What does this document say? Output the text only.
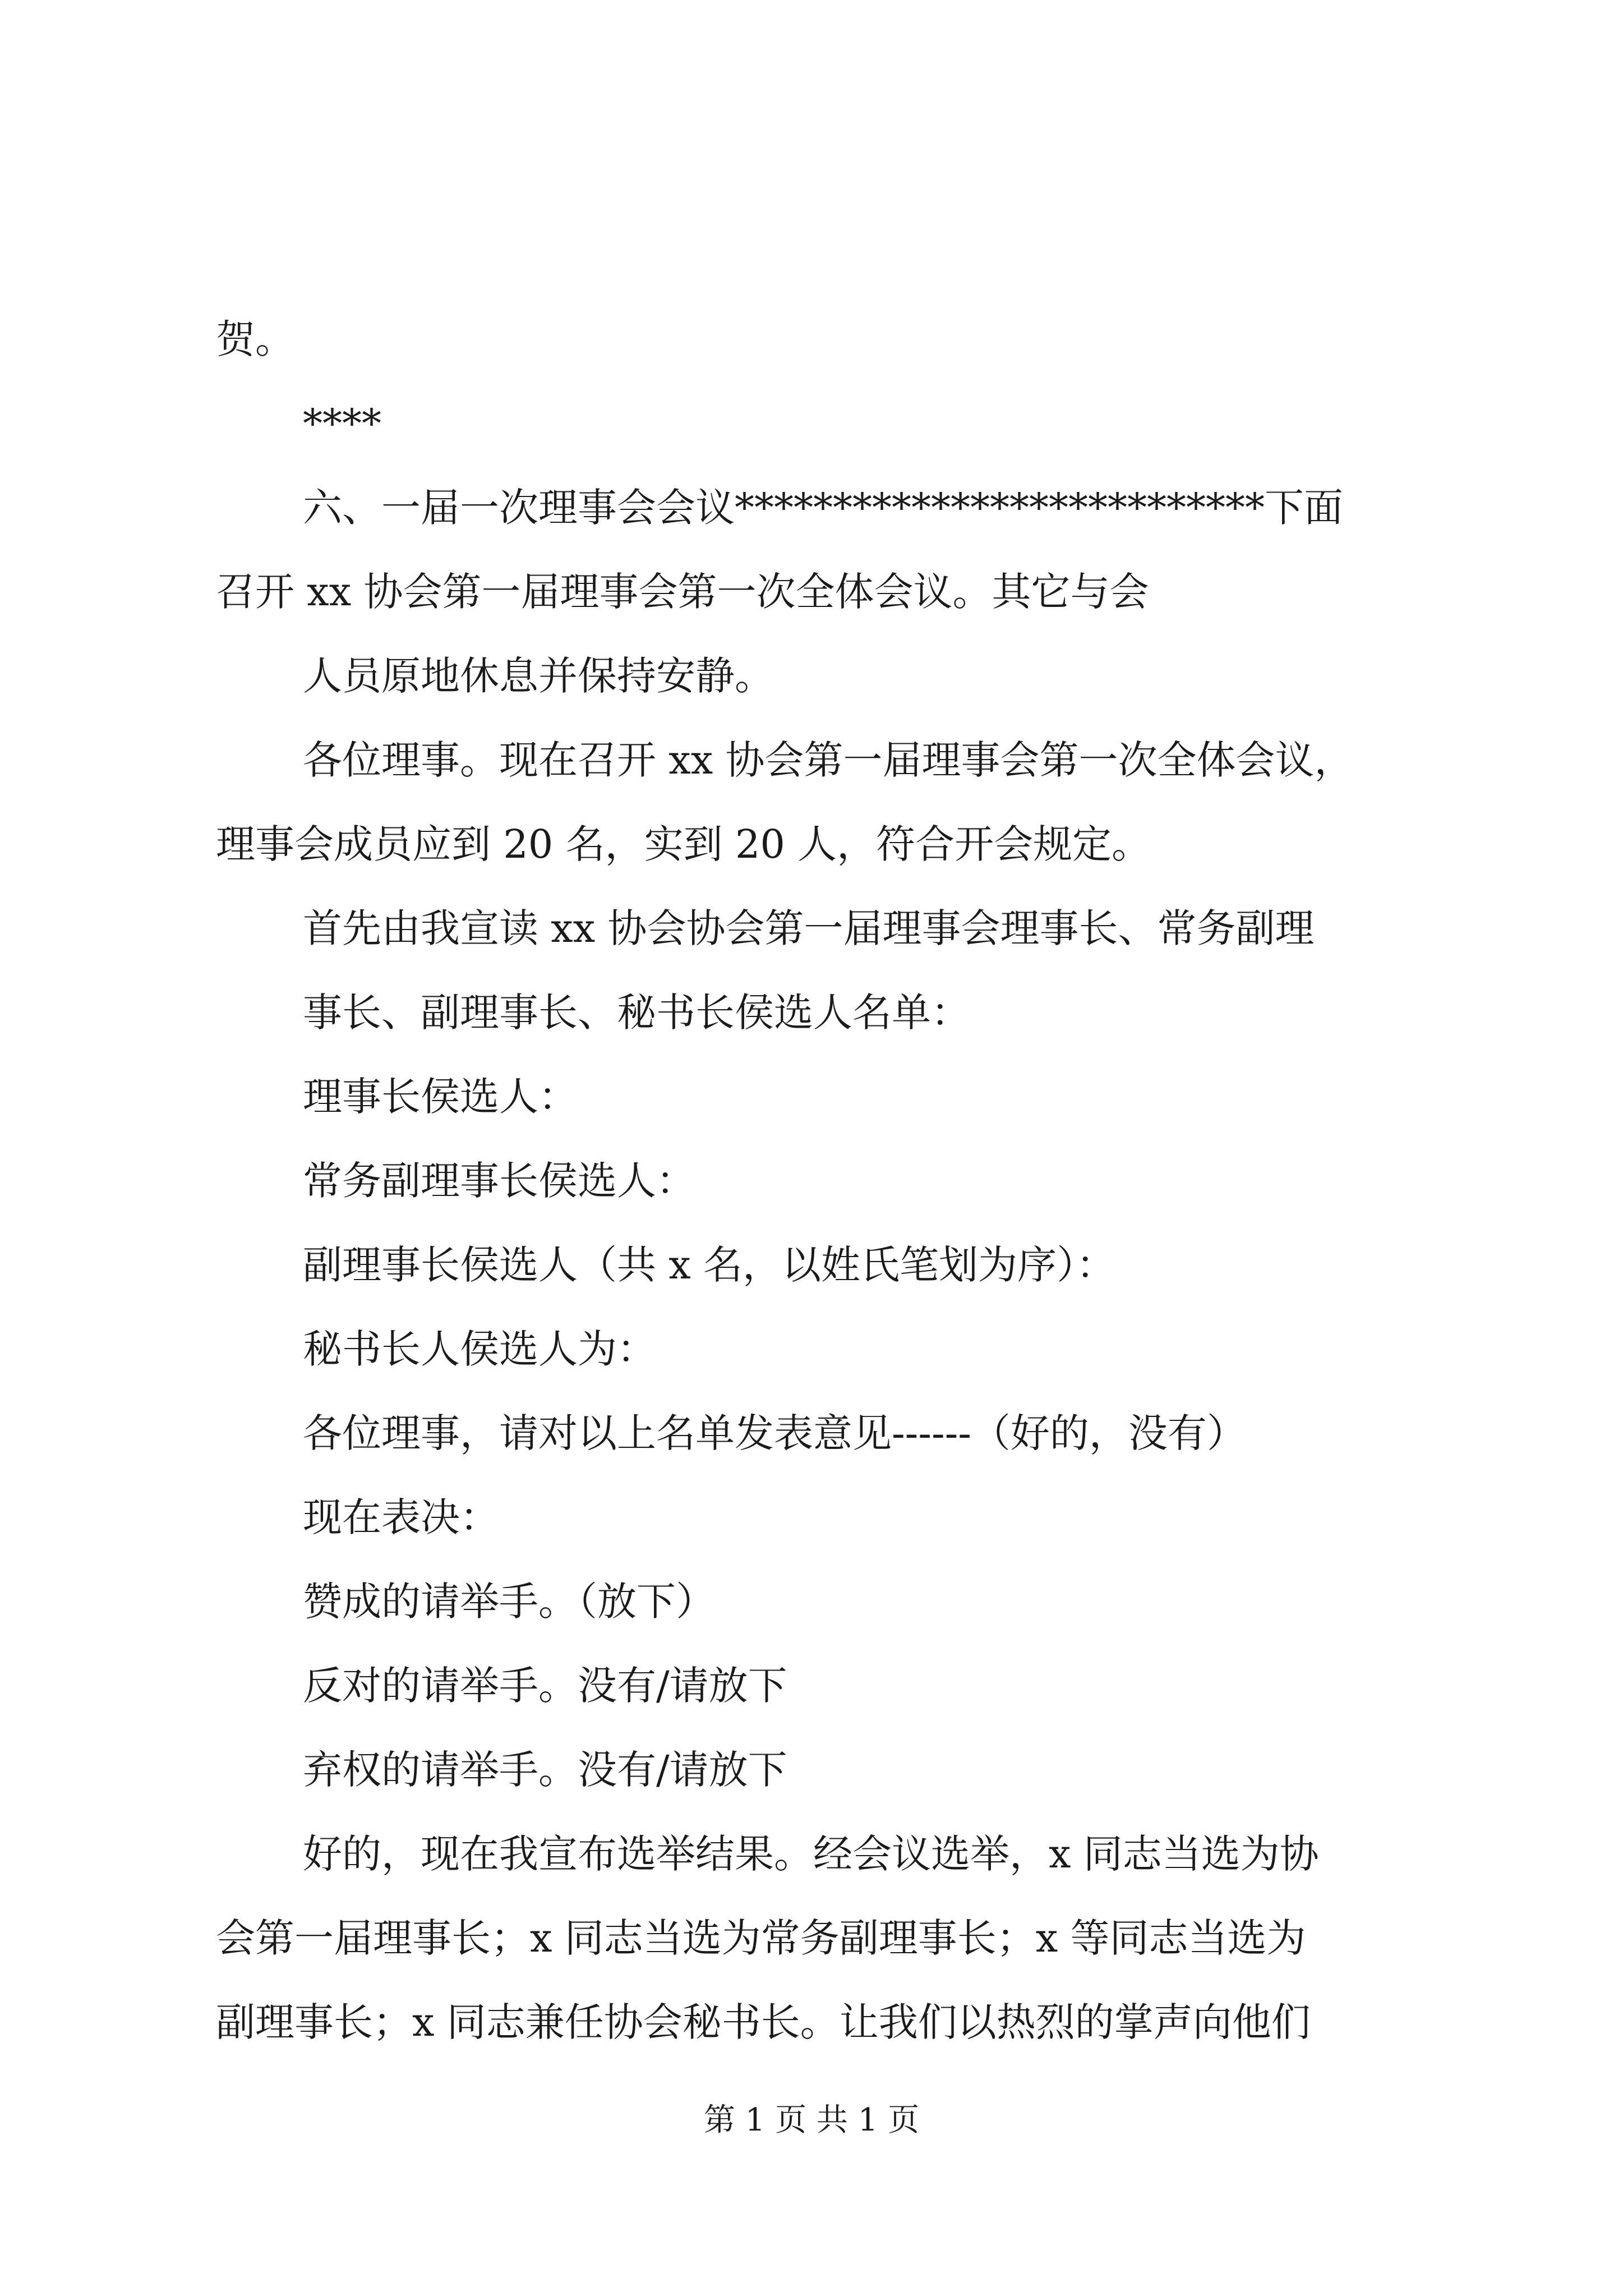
贺。

****

六、一届一次理事会会议***************************下面

召开 xx 协会第一届理事会第一次全体会议。其它与会

人员原地休息并保持安静。

各位理事。现在召开 xx 协会第一届理事会第一次全体会议，

理事会成员应到 20 名，实到 20 人，符合开会规定。

首先由我宣读 xx 协会协会第一届理事会理事长、常务副理

事长、副理事长、秘书长侯选人名单：

理事长侯选人：

常务副理事长侯选人：

副理事长侯选人（共 x 名，以姓氏笔划为序）：

秘书长人侯选人为：

各位理事，请对以上名单发表意见------（好的，没有）

现在表决：

赞成的请举手。（放下）

反对的请举手。没有/请放下

弃权的请举手。没有/请放下

好的，现在我宣布选举结果。经会议选举，x 同志当选为协

会第一届理事长；x 同志当选为常务副理事长；x 等同志当选为

副理事长；x 同志兼任协会秘书长。让我们以热烈的掌声向他们

第 1 页 共 1 页
